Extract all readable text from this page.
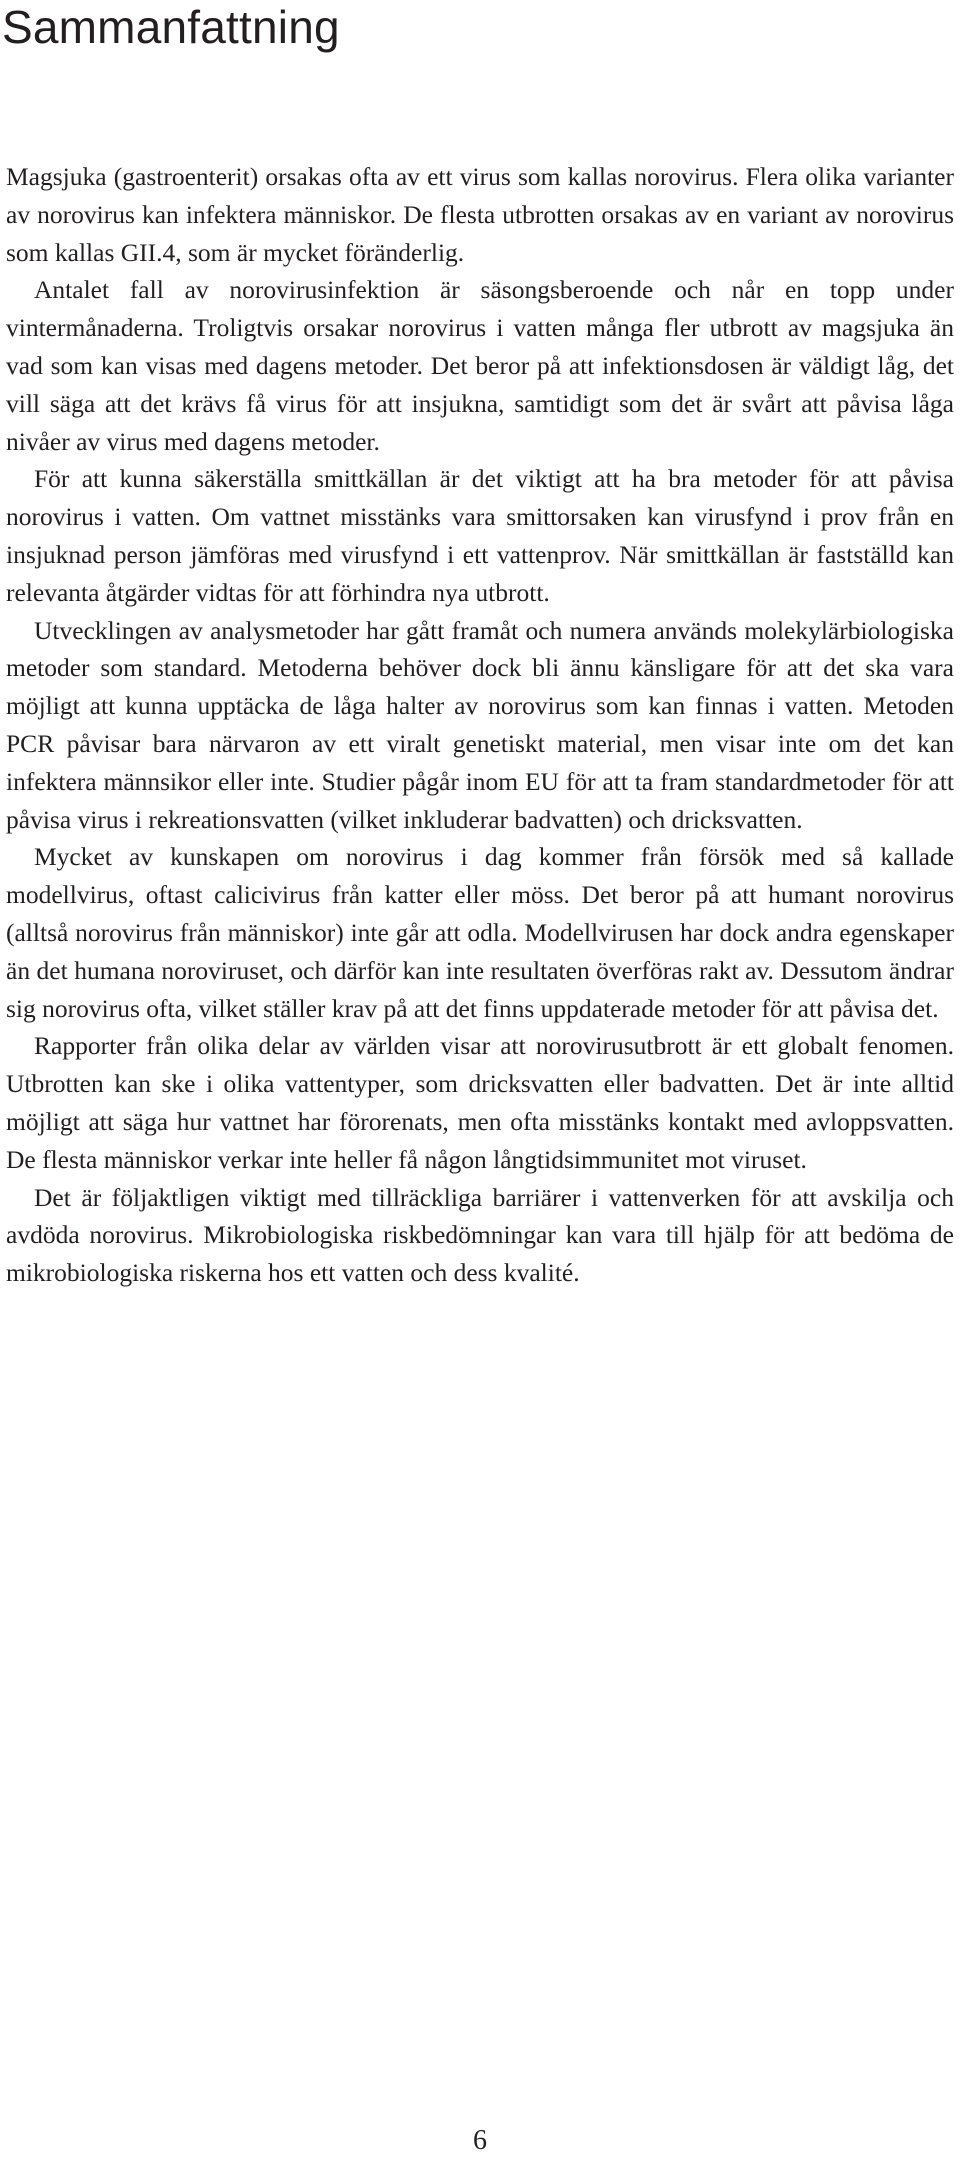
Sammanfattning

Magsjuka (gastroenterit) orsakas ofta av ett virus som kallas norovirus. Flera olika varianter av norovirus kan infektera människor. De flesta utbrotten orsakas av en variant av norovirus som kallas GII.4, som är mycket föränderlig.

Antalet fall av norovirusinfektion är säsongsberoende och når en topp under vintermånaderna. Troligtvis orsakar norovirus i vatten många fler utbrott av magsjuka än vad som kan visas med dagens metoder. Det beror på att infektionsdosen är väldigt låg, det vill säga att det krävs få virus för att insjukna, samtidigt som det är svårt att påvisa låga nivåer av virus med dagens metoder.

För att kunna säkerställa smittkällan är det viktigt att ha bra metoder för att påvisa norovirus i vatten. Om vattnet misstänks vara smittorsaken kan virusfynd i prov från en insjuknad person jämföras med virusfynd i ett vattenprov. När smittkällan är fastställd kan relevanta åtgärder vidtas för att förhindra nya utbrott.

Utvecklingen av analysmetoder har gått framåt och numera används molekylärbiologiska metoder som standard. Metoderna behöver dock bli ännu känsligare för att det ska vara möjligt att kunna upptäcka de låga halter av norovirus som kan finnas i vatten. Metoden PCR påvisar bara närvaron av ett viralt genetiskt material, men visar inte om det kan infektera männsikor eller inte. Studier pågår inom EU för att ta fram standardmetoder för att påvisa virus i rekreationsvatten (vilket inkluderar badvatten) och dricksvatten.

Mycket av kunskapen om norovirus i dag kommer från försök med så kallade modellvirus, oftast calicivirus från katter eller möss. Det beror på att humant norovirus (alltså norovirus från människor) inte går att odla. Modellvirusen har dock andra egenskaper än det humana noroviruset, och därför kan inte resultaten överföras rakt av. Dessutom ändrar sig norovirus ofta, vilket ställer krav på att det finns uppdaterade metoder för att påvisa det.

Rapporter från olika delar av världen visar att norovirusutbrott är ett globalt fenomen. Utbrotten kan ske i olika vattentyper, som dricksvatten eller badvatten. Det är inte alltid möjligt att säga hur vattnet har förorenats, men ofta misstänks kontakt med avloppsvatten. De flesta människor verkar inte heller få någon långtidsimmunitet mot viruset.

Det är följaktligen viktigt med tillräckliga barriärer i vattenverken för att avskilja och avdöda norovirus. Mikrobiologiska riskbedömningar kan vara till hjälp för att bedöma de mikrobiologiska riskerna hos ett vatten och dess kvalité.

6
